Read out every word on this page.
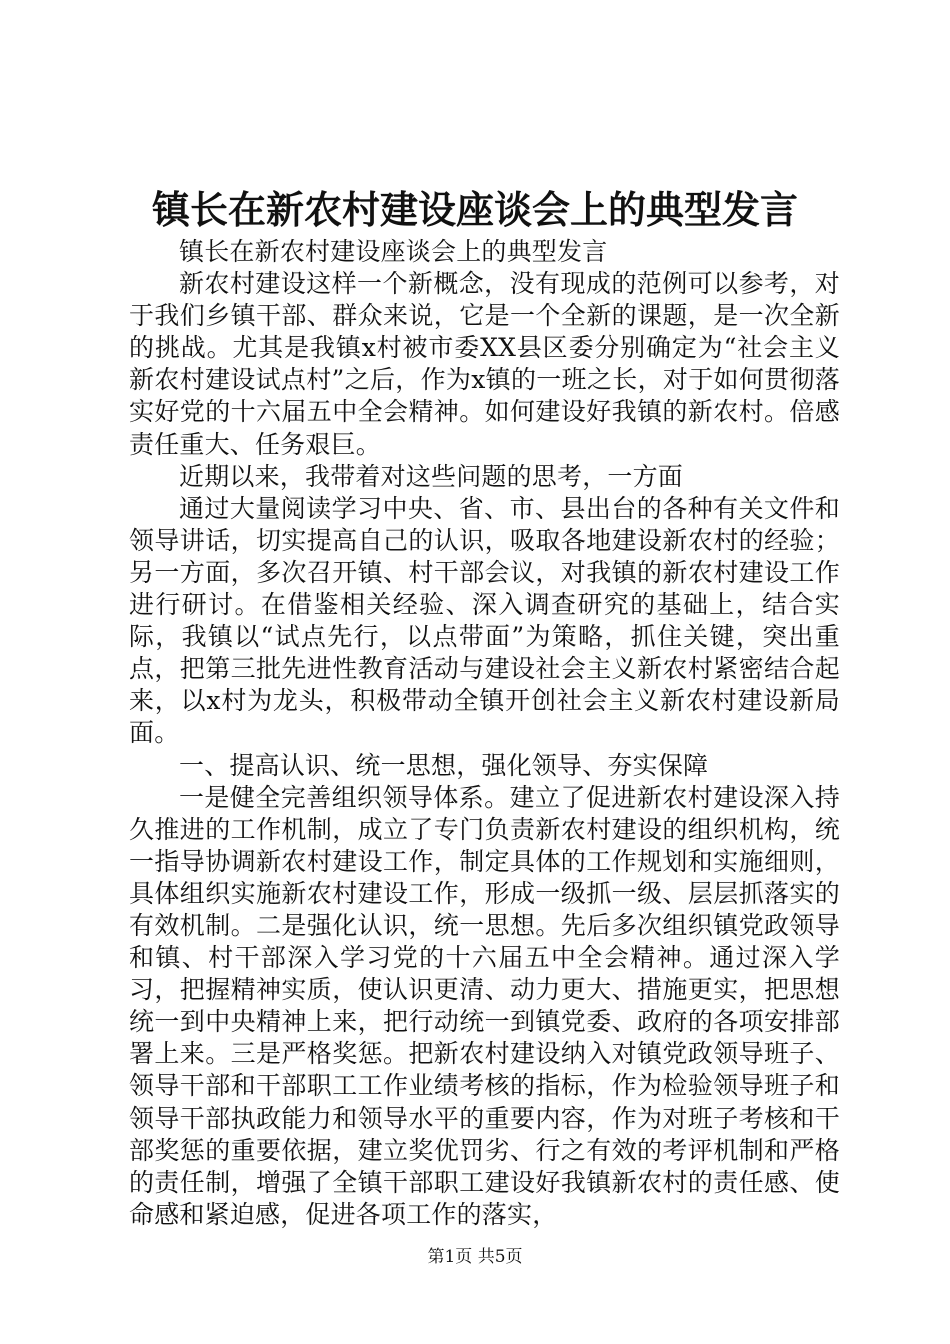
镇长在新农村建设座谈会上的典型发言

镇长在新农村建设座谈会上的典型发言

新农村建设这样一个新概念，没有现成的范例可以参考，对于我们乡镇干部、群众来说，它是一个全新的课题，是一次全新的挑战。尤其是我镇x村被市委XX县区委分别确定为“社会主义新农村建设试点村”之后，作为x镇的一班之长，对于如何贯彻落实好党的十六届五中全会精神。如何建设好我镇的新农村。倍感责任重大、任务艰巨。

近期以来，我带着对这些问题的思考，一方面

通过大量阅读学习中央、省、市、县出台的各种有关文件和领导讲话，切实提高自己的认识，吸取各地建设新农村的经验；另一方面，多次召开镇、村干部会议，对我镇的新农村建设工作进行研讨。在借鉴相关经验、深入调查研究的基础上，结合实际，我镇以“试点先行，以点带面”为策略，抓住关键，突出重点，把第三批先进性教育活动与建设社会主义新农村紧密结合起来，以x村为龙头，积极带动全镇开创社会主义新农村建设新局面。

一、提高认识、统一思想，强化领导、夯实保障

一是健全完善组织领导体系。建立了促进新农村建设深入持久推进的工作机制，成立了专门负责新农村建设的组织机构，统一指导协调新农村建设工作，制定具体的工作规划和实施细则，具体组织实施新农村建设工作，形成一级抓一级、层层抓落实的有效机制。二是强化认识，统一思想。先后多次组织镇党政领导和镇、村干部深入学习党的十六届五中全会精神。通过深入学习，把握精神实质，使认识更清、动力更大、措施更实，把思想统一到中央精神上来，把行动统一到镇党委、政府的各项安排部署上来。三是严格奖惩。把新农村建设纳入对镇党政领导班子、领导干部和干部职工工作业绩考核的指标，作为检验领导班子和领导干部执政能力和领导水平的重要内容，作为对班子考核和干部奖惩的重要依据，建立奖优罚劣、行之有效的考评机制和严格的责任制，增强了全镇干部职工建设好我镇新农村的责任感、使命感和紧迫感，促进各项工作的落实，

第1页 共5页
